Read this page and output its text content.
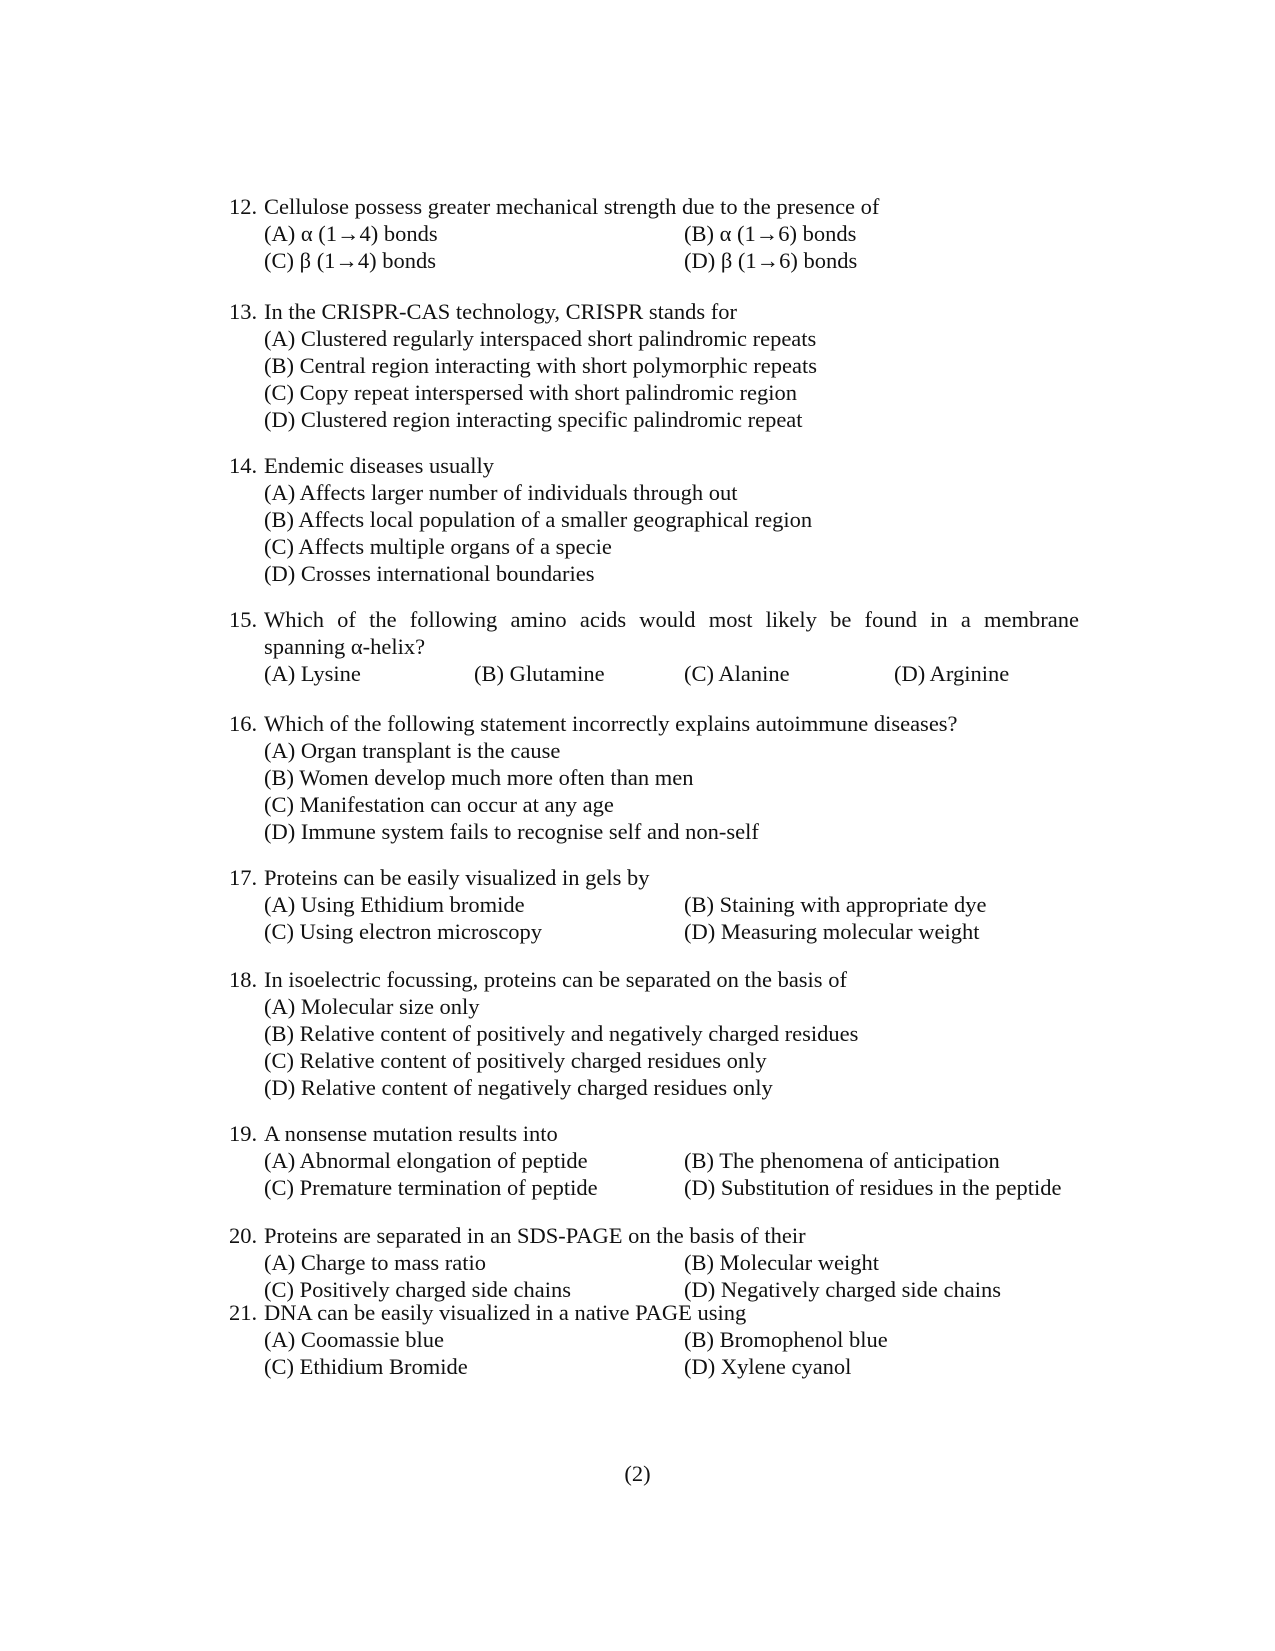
12. Cellulose possess greater mechanical strength due to the presence of
(A) α (1→4) bonds	(B) α (1→6) bonds
(C) β (1→4) bonds	(D) β (1→6) bonds
13. In the CRISPR-CAS technology, CRISPR stands for
(A) Clustered regularly interspaced short palindromic repeats
(B) Central region interacting with short polymorphic repeats
(C) Copy repeat interspersed with short palindromic region
(D) Clustered region interacting specific palindromic repeat
14. Endemic diseases usually
(A) Affects larger number of individuals through out
(B) Affects local population of a smaller geographical region
(C) Affects multiple organs of a specie
(D) Crosses international boundaries
15. Which of the following amino acids would most likely be found in a membrane
spanning α-helix?
(A) Lysine	(B) Glutamine	(C) Alanine	(D) Arginine
16. Which of the following statement incorrectly explains autoimmune diseases?
(A) Organ transplant is the cause
(B) Women develop much more often than men
(C) Manifestation can occur at any age
(D) Immune system fails to recognise self and non-self
17. Proteins can be easily visualized in gels by
(A) Using Ethidium bromide	(B) Staining with appropriate dye
(C) Using electron microscopy	(D) Measuring molecular weight
18. In isoelectric focussing, proteins can be separated on the basis of
(A) Molecular size only
(B) Relative content of positively and negatively charged residues
(C) Relative content of positively charged residues only
(D) Relative content of negatively charged residues only
19. A nonsense mutation results into
(A) Abnormal elongation of peptide	(B) The phenomena of anticipation
(C) Premature termination of peptide	(D) Substitution of residues in the peptide
20. Proteins are separated in an SDS-PAGE on the basis of their
(A) Charge to mass ratio	(B) Molecular weight
(C) Positively charged side chains	(D) Negatively charged side chains
21. DNA can be easily visualized in a native PAGE using
(A) Coomassie blue	(B) Bromophenol blue
(C) Ethidium Bromide	(D) Xylene cyanol
(2)
